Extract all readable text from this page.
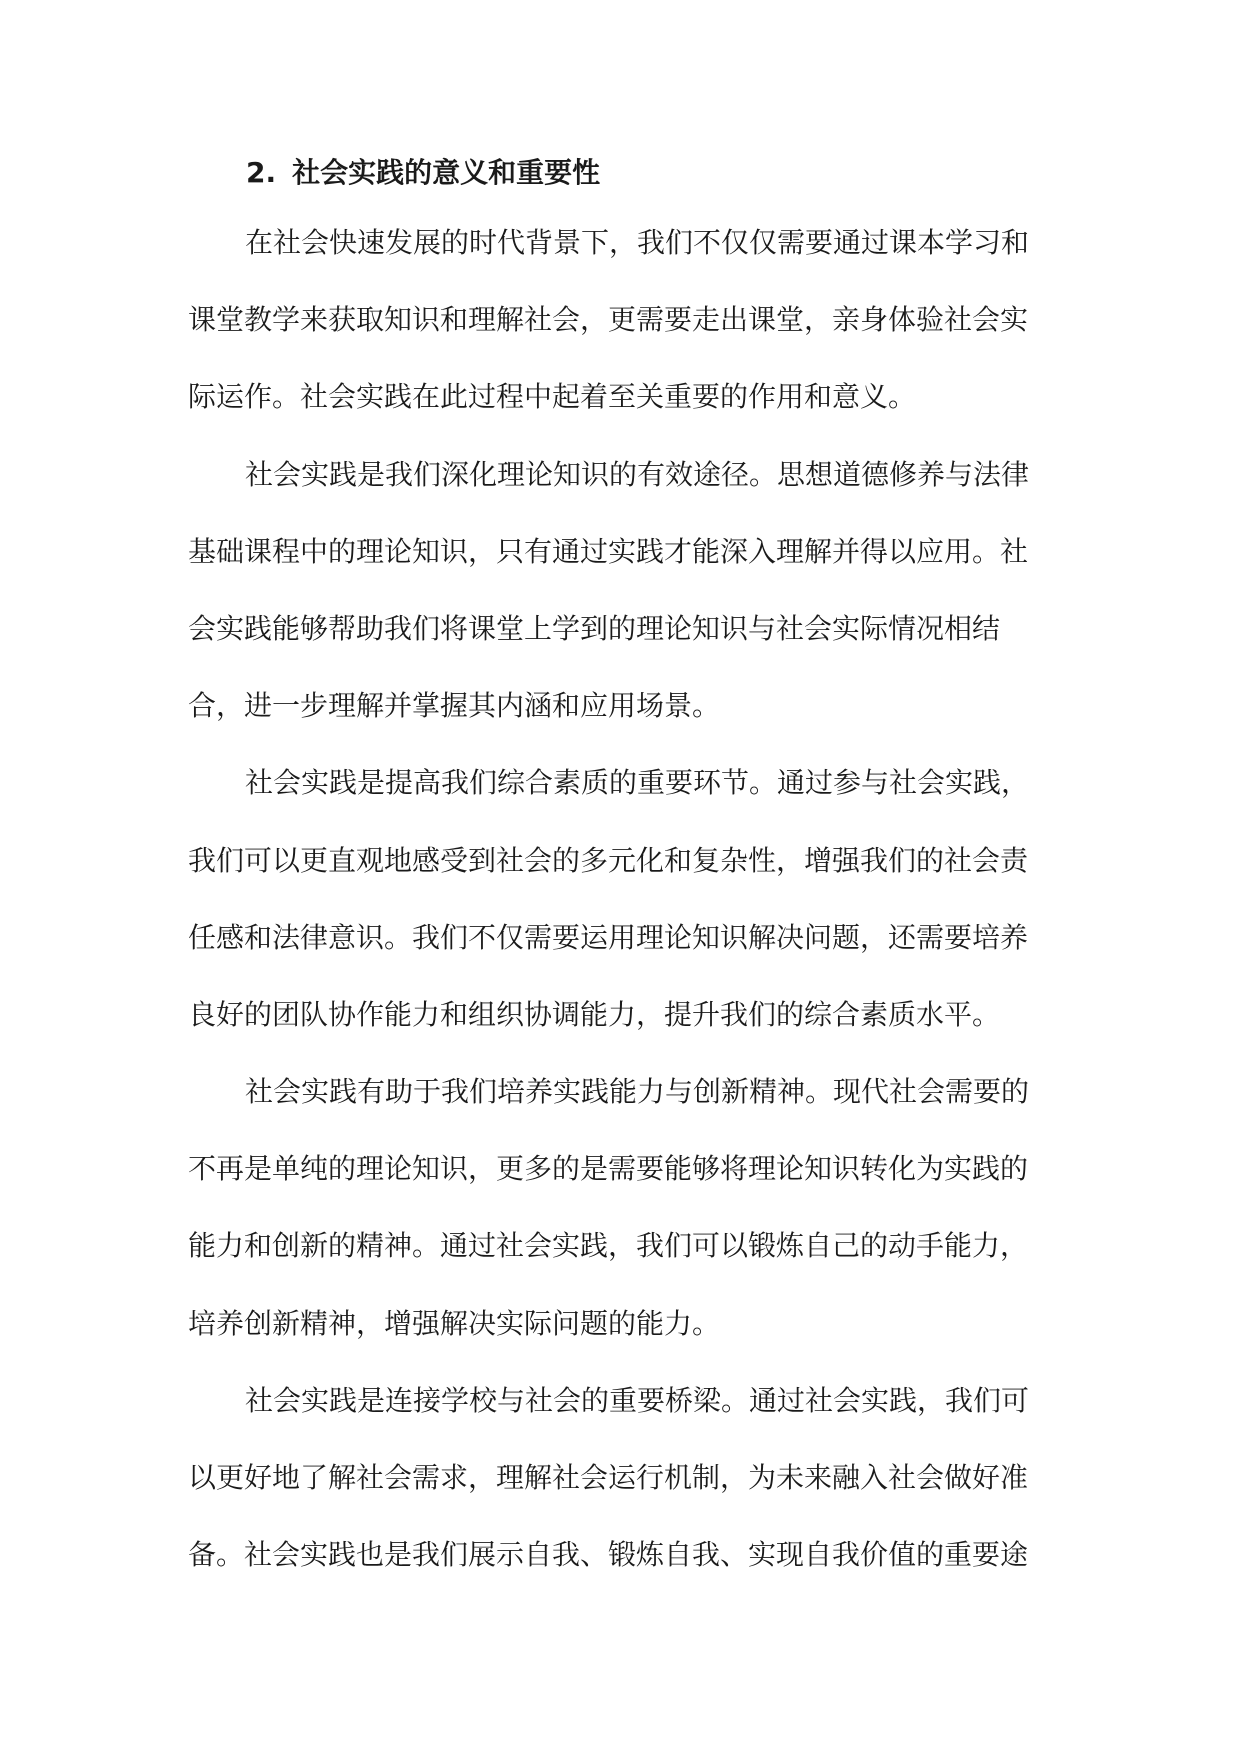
2. 社会实践的意义和重要性

在社会快速发展的时代背景下，我们不仅仅需要通过课本学习和
课堂教学来获取知识和理解社会，更需要走出课堂，亲身体验社会实
际运作。社会实践在此过程中起着至关重要的作用和意义。

社会实践是我们深化理论知识的有效途径。思想道德修养与法律
基础课程中的理论知识，只有通过实践才能深入理解并得以应用。社
会实践能够帮助我们将课堂上学到的理论知识与社会实际情况相结
合，进一步理解并掌握其内涵和应用场景。

社会实践是提高我们综合素质的重要环节。通过参与社会实践，
我们可以更直观地感受到社会的多元化和复杂性，增强我们的社会责
任感和法律意识。我们不仅需要运用理论知识解决问题，还需要培养
良好的团队协作能力和组织协调能力，提升我们的综合素质水平。

社会实践有助于我们培养实践能力与创新精神。现代社会需要的
不再是单纯的理论知识，更多的是需要能够将理论知识转化为实践的
能力和创新的精神。通过社会实践，我们可以锻炼自己的动手能力，
培养创新精神，增强解决实际问题的能力。

社会实践是连接学校与社会的重要桥梁。通过社会实践，我们可
以更好地了解社会需求，理解社会运行机制，为未来融入社会做好准
备。社会实践也是我们展示自我、锻炼自我、实现自我价值的重要途
